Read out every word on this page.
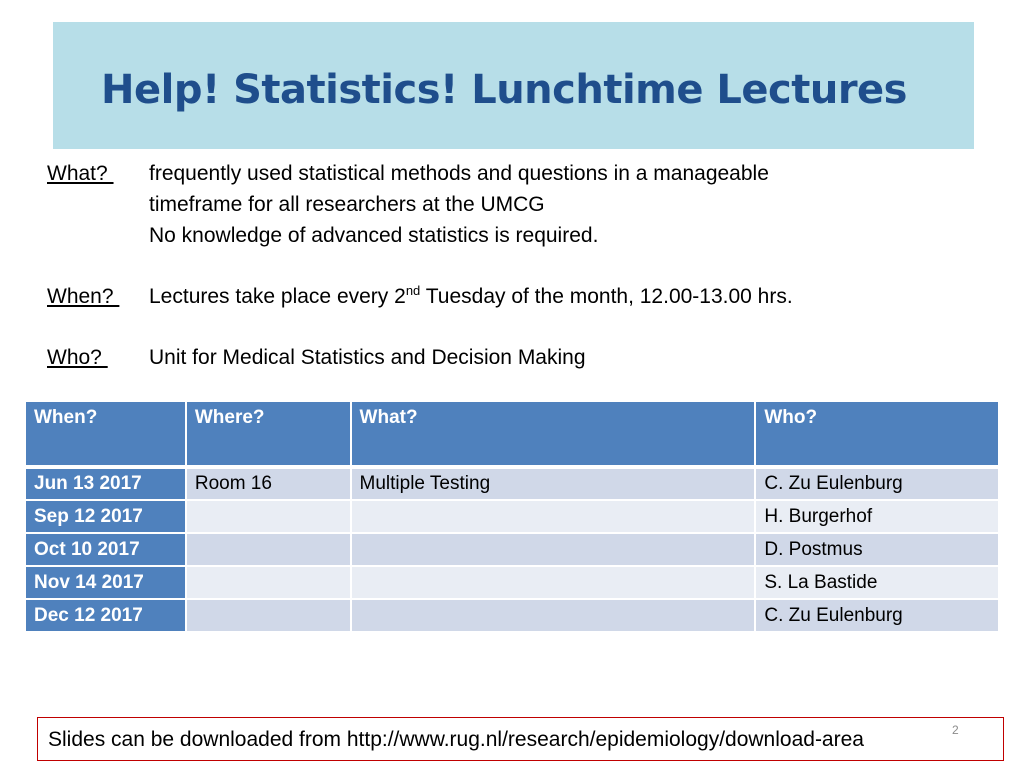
Help! Statistics! Lunchtime Lectures
What?	frequently used statistical methods and questions in a manageable
timeframe for all researchers at the UMCG
No knowledge of advanced statistics is required.
When?	Lectures take place every 2nd Tuesday of the month, 12.00-13.00 hrs.
Who?	Unit for Medical Statistics and Decision Making
When?	Where?	What?	Who?
Jun 13 2017	Room 16	Multiple Testing	C. Zu Eulenburg
Sep 12 2017			H. Burgerhof
Oct 10 2017			D. Postmus
Nov 14 2017			S. La Bastide
Dec 12 2017			C. Zu Eulenburg
Slides can be downloaded from http://www.rug.nl/research/epidemiology/download-area	2
